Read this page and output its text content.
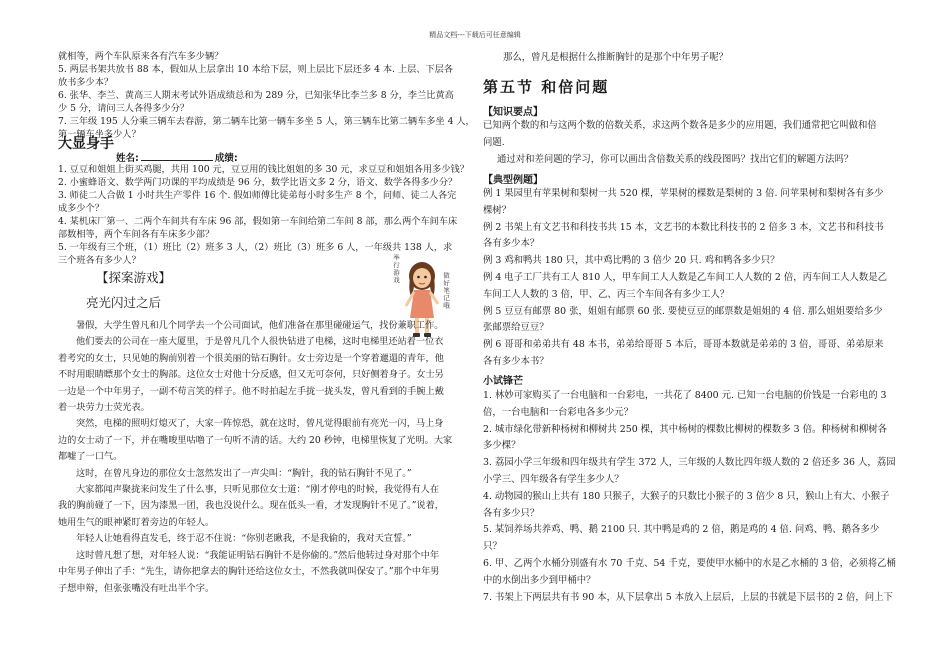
精品文档---下载后可任意编辑

就相等，两个车队原来各有汽车多少辆？

5. 两层书架共放书 88 本，假如从上层拿出 10 本给下层，则上层比下层还多 4 本. 上层、下层各

放书多少本？

6. 张华、李兰、黄高三人期末考试外语成绩总和为 289 分，已知张华比李兰多 8 分，李兰比黄高

少 5 分，请问三人各得多少分？

7. 三年级 195 人分乘三辆车去春游，第二辆车比第一辆车多坐 5 人，第三辆车比第二辆车多坐 4 人，

第一辆车坐多少人？

大显身手
姓名:	成绩:

1. 豆豆和姐姐上街买鸡腿，共用 100 元，豆豆用的钱比姐姐的多 30 元，求豆豆和姐姐各用多少钱？

2. 小蜜蜂语文、数学两门功课的平均成绩是 96 分，数学比语文多 2 分，语文、数学各得多少分？

3. 师徒二人合做 1 小时共生产零件 16 个. 假如师傅比徒弟每小时多生产 8 个，问师、徒二人各完

成多少个？

4. 某机床厂第一、二两个车间共有车床 96 部，假如第一车间给第二车间 8 部，那么两个车间车床

部数相等，两个车间各有车床多少部？

5. 一年级有三个班，（1）班比（2）班多 3 人，（2）班比（3）班多 6 人，一年级共 138 人，求

三个班各有多少人？

【探案游戏】
亮光闪过之后
举行游戏
做好笔记哦

暑假，大学生曾凡和几个同学去一个公司面试，他们准备在那里碰碰运气，找份兼职工作。

他们要去的公司在一座大厦里，于是曾凡几个人很快钻进了电梯，这时电梯里还站着一位衣

着考究的女士，只见她的胸前别着一个很美丽的钻石胸针。女士旁边是一个穿着邋遢的青年，他

不时用眼睛瞟那个女士的胸部。这位女士对他十分反感，但又无可奈何，只好侧着身子。女士另

一边是一个中年男子，一副不苟言笑的样子。他不时拍起左手拢一拢头发，曾凡看到的手腕上戴

着一块劳力士荧光表。

突然，电梯的照明灯熄灭了，大家一阵惊恐，就在这时，曾凡觉得眼前有亮光一闪，马上身

边的女士动了一下，并在嘴唆里咕噜了一句听不清的话。大约 20 秒钟，电梯里恢复了光明。大家

都嘘了一口气。

这时，在曾凡身边的那位女士忽然发出了一声尖叫：“胸针，我的钻石胸针不见了。”

大家都闻声聚拢来问发生了什么事，只听见那位女士道：“刚才停电的时候，我觉得有人在

我的胸前碰了一下，因为漆黑一团，我也没说什么。现在低头一看，才发现胸针不见了。”说着，

她用生气的眼神紧盯着旁边的年轻人。

年轻人让她看得直发毛，终于忍不住说：“你别老瞅我，不是我偷的，我对天宣誓。”

这时曾凡想了想，对年轻人说：“我能证明钻石胸针不是你偷的。”然后他转过身对那个中年

中年男子伸出了手：“先生，请你把拿去的胸针还给这位女士，不然我就叫保安了。”那个中年男

子想申辩，但张张嘴没有吐出半个字。

那么，曾凡是根据什么推断胸针的是那个中年男子呢？

第五节 和倍问题
【知识要点】

已知两个数的和与这两个数的倍数关系，求这两个数各是多少的应用题，我们通常把它叫做和倍

问题.

通过对和差问题的学习，你可以画出含倍数关系的线段图吗？找出它们的解题方法吗？

【典型例题】

例 1 果园里有苹果树和梨树一共 520 棵，苹果树的棵数是梨树的 3 倍. 问苹果树和梨树各有多少

棵树？

例 2 书架上有文艺书和科技书共 15 本，文艺书的本数比科技书的 2 倍多 3 本，文艺书和科技书

各有多少本？

例 3 鸡和鸭共 180 只，其中鸡比鸭的 3 倍少 20 只. 鸡和鸭各多少只？

例 4 电子工厂共有工人 810 人，甲车间工人人数是乙车间工人人数的 2 倍，丙车间工人人数是乙

车间工人人数的 3 倍，甲、乙、丙三个车间各有多少工人？

例 5 豆豆有邮票 80 张，姐姐有邮票 60 张. 要使豆豆的邮票数是姐姐的 4 倍. 那么姐姐要给多少

张邮票给豆豆？

例 6 哥哥和弟弟共有 48 本书，弟弟给哥哥 5 本后，哥哥本数就是弟弟的 3 倍，哥哥、弟弟原来

各有多少本书？

小试锋芒

1. 林妙可家购买了一台电脑和一台彩电，一共花了 8400 元. 已知一台电脑的价钱是一台彩电的 3

倍，一台电脑和一台彩电各多少元？

2. 城市绿化带新种杨树和柳树共 250 棵，其中杨树的棵数比柳树的棵数多 3 倍。种杨树和柳树各

多少棵？

3. 荔园小学三年级和四年级共有学生 372 人，三年级的人数比四年级人数的 2 倍还多 36 人，荔园

小学三、四年级各有学生多少人？

4. 动物园的猴山上共有 180 只猴子，大猴子的只数比小猴子的 3 倍少 8 只，猴山上有大、小猴子

各有多少只？

5. 某饲养场共养鸡、鸭、鹅 2100 只. 其中鸭是鸡的 2 倍，鹅是鸡的 4 倍. 问鸡、鸭、鹅各多少

只？

6. 甲、乙两个水桶分别盛有水 70 千克、54 千克，要使甲水桶中的水是乙水桶的 3 倍，必须将乙桶

中的水倒出多少到甲桶中？

7. 书架上下两层共有书 90 本，从下层拿出 5 本放入上层后，上层的书就是下层书的 2 倍，问上下
